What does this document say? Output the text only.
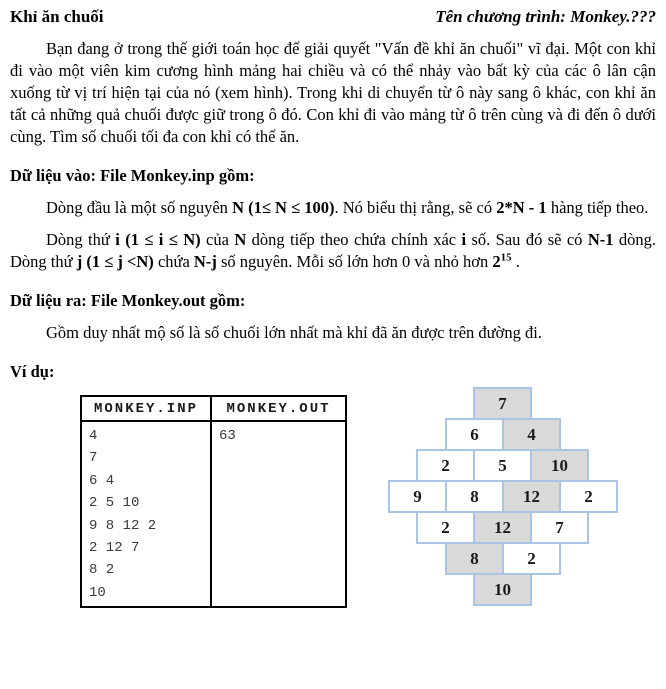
Khỉ ăn chuối	Tên chương trình: Monkey.???

Bạn đang ở trong thế giới toán học để giải quyết "Vấn đề khỉ ăn chuối" vĩ đại. Một con khỉ đi vào một viên kim cương hình mảng hai chiều và có thể nhảy vào bất kỳ của các ô lân cận xuống từ vị trí hiện tại của nó (xem hình). Trong khi di chuyển từ ô này sang ô khác, con khỉ ăn tất cả những quả chuối được giữ trong ô đó. Con khỉ đi vào mảng từ ô trên cùng và đi đến ô dưới cùng. Tìm số chuối tối đa con khỉ có thể ăn.

Dữ liệu vào: File Monkey.inp gồm:

Dòng đầu là một số nguyên N (1≤ N ≤ 100). Nó biểu thị rằng, sẽ có 2*N - 1 hàng tiếp theo.

Dòng thứ i (1 ≤ i ≤ N) của N dòng tiếp theo chứa chính xác i số. Sau đó sẽ có N-1 dòng. Dòng thứ j (1 ≤ j <N) chứa N-j số nguyên. Mỗi số lớn hơn 0 và nhỏ hơn $2^{15}$ .

Dữ liệu ra: File Monkey.out gồm:

Gồm duy nhất mộ số là số chuối lớn nhất mà khỉ đã ăn được trên đường đi.

Ví dụ:
MONKEY.INP	MONKEY.OUT
4
7
6 4
2 5 10
9 8 12 2
2 12 7
8 2
10
63
7
6	4
2	5	10
9	8	12	2
2	12	7
8	2
10
